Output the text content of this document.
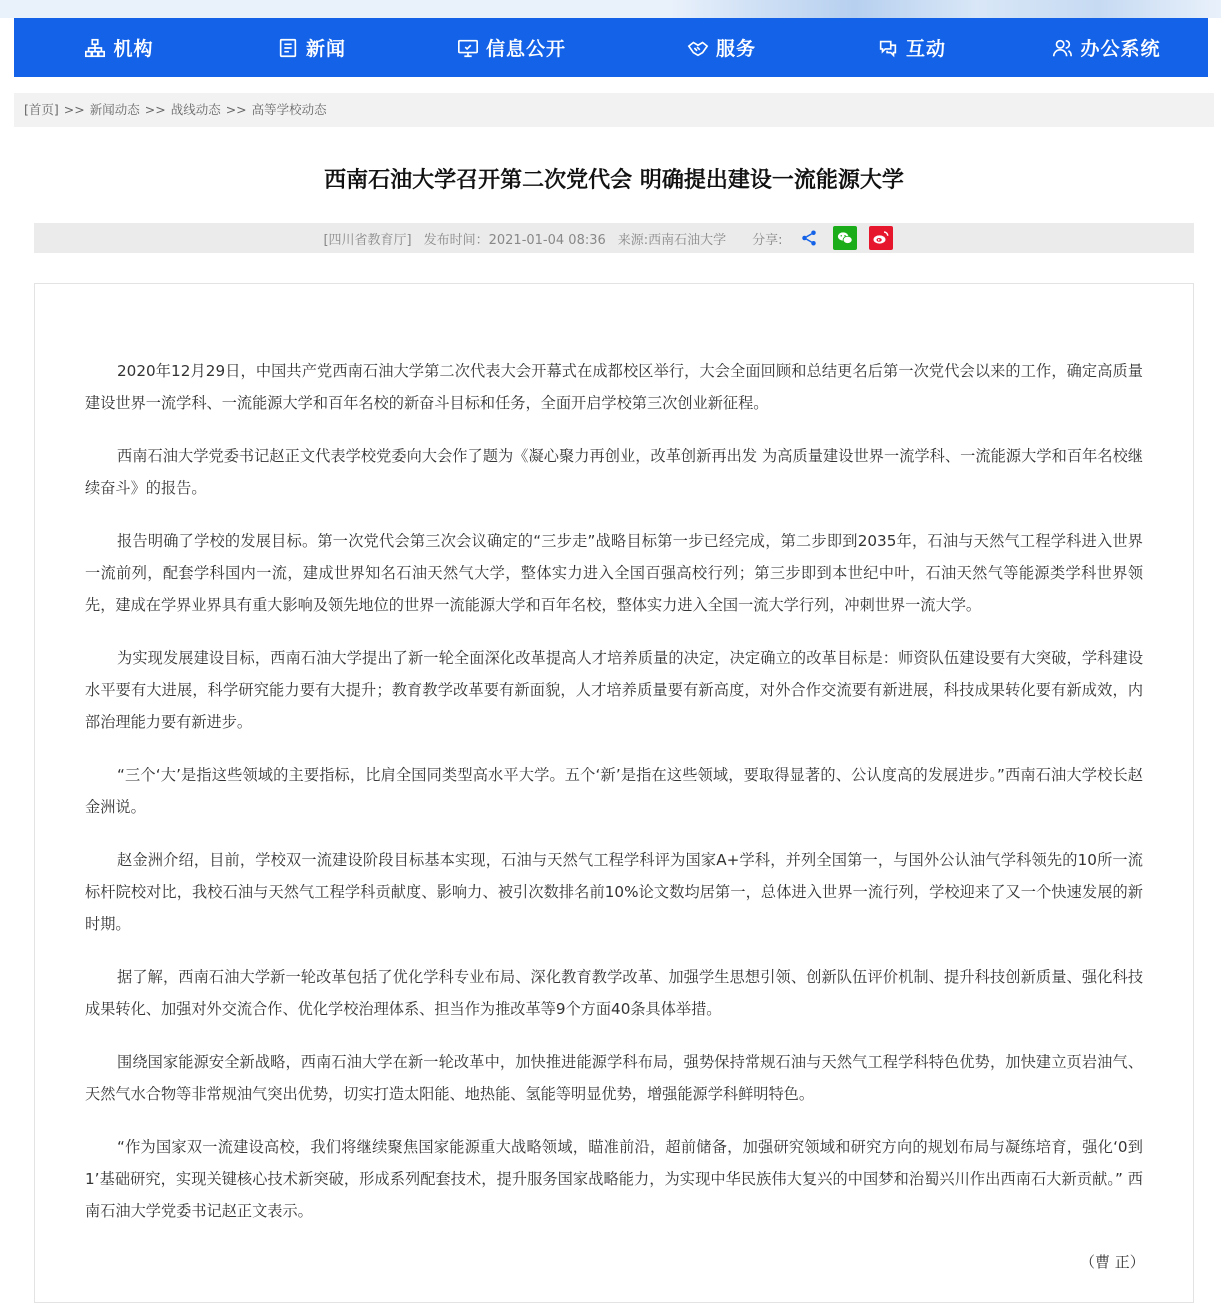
机构	新闻	信息公开	服务	互动	办公系统
[首页] >> 新闻动态 >> 战线动态 >> 高等学校动态
西南石油大学召开第二次党代会 明确提出建设一流能源大学
[四川省教育厅] 发布时间：2021-01-04 08:36 来源:西南石油大学 分享:

2020年12月29日，中国共产党西南石油大学第二次代表大会开幕式在成都校区举行，大会全面回顾和总结更名后第一次党代会以来的工作，确定高质量建设世界一流学科、一流能源大学和百年名校的新奋斗目标和任务，全面开启学校第三次创业新征程。

西南石油大学党委书记赵正文代表学校党委向大会作了题为《凝心聚力再创业，改革创新再出发 为高质量建设世界一流学科、一流能源大学和百年名校继续奋斗》的报告。

报告明确了学校的发展目标。第一次党代会第三次会议确定的“三步走”战略目标第一步已经完成，第二步即到2035年，石油与天然气工程学科进入世界一流前列，配套学科国内一流，建成世界知名石油天然气大学，整体实力进入全国百强高校行列；第三步即到本世纪中叶，石油天然气等能源类学科世界领先，建成在学界业界具有重大影响及领先地位的世界一流能源大学和百年名校，整体实力进入全国一流大学行列，冲刺世界一流大学。

为实现发展建设目标，西南石油大学提出了新一轮全面深化改革提高人才培养质量的决定，决定确立的改革目标是：师资队伍建设要有大突破，学科建设水平要有大进展，科学研究能力要有大提升；教育教学改革要有新面貌，人才培养质量要有新高度，对外合作交流要有新进展，科技成果转化要有新成效，内部治理能力要有新进步。

“三个‘大’是指这些领域的主要指标，比肩全国同类型高水平大学。五个‘新’是指在这些领域，要取得显著的、公认度高的发展进步。”西南石油大学校长赵金洲说。

赵金洲介绍，目前，学校双一流建设阶段目标基本实现，石油与天然气工程学科评为国家A+学科，并列全国第一，与国外公认油气学科领先的10所一流标杆院校对比，我校石油与天然气工程学科贡献度、影响力、被引次数排名前10%论文数均居第一，总体进入世界一流行列，学校迎来了又一个快速发展的新时期。

据了解，西南石油大学新一轮改革包括了优化学科专业布局、深化教育教学改革、加强学生思想引领、创新队伍评价机制、提升科技创新质量、强化科技成果转化、加强对外交流合作、优化学校治理体系、担当作为推改革等9个方面40条具体举措。

围绕国家能源安全新战略，西南石油大学在新一轮改革中，加快推进能源学科布局，强势保持常规石油与天然气工程学科特色优势，加快建立页岩油气、天然气水合物等非常规油气突出优势，切实打造太阳能、地热能、氢能等明显优势，增强能源学科鲜明特色。

“作为国家双一流建设高校，我们将继续聚焦国家能源重大战略领域，瞄准前沿，超前储备，加强研究领域和研究方向的规划布局与凝练培育，强化‘0到1’基础研究，实现关键核心技术新突破，形成系列配套技术，提升服务国家战略能力，为实现中华民族伟大复兴的中国梦和治蜀兴川作出西南石大新贡献。” 西南石油大学党委书记赵正文表示。

（曹 正）
